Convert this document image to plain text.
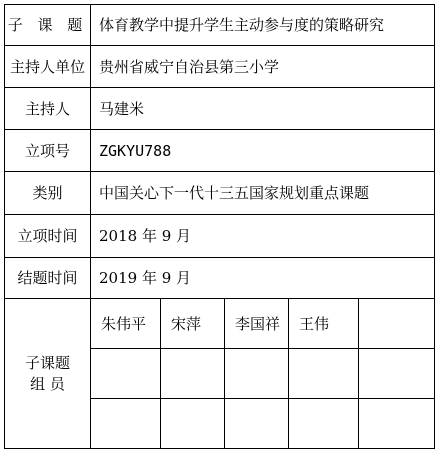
子 课 题	体育教学中提升学生主动参与度的策略研究				
主持人单位	贵州省威宁自治县第三小学				
主持人	马建米				
立项号	ZGKYU788				
类别	中国关心下一代十三五国家规划重点课题				
立项时间	2018 年 9 月				
结题时间	2019 年 9 月				

子课题
组 员	朱伟平	宋萍	李国祥	王伟	
